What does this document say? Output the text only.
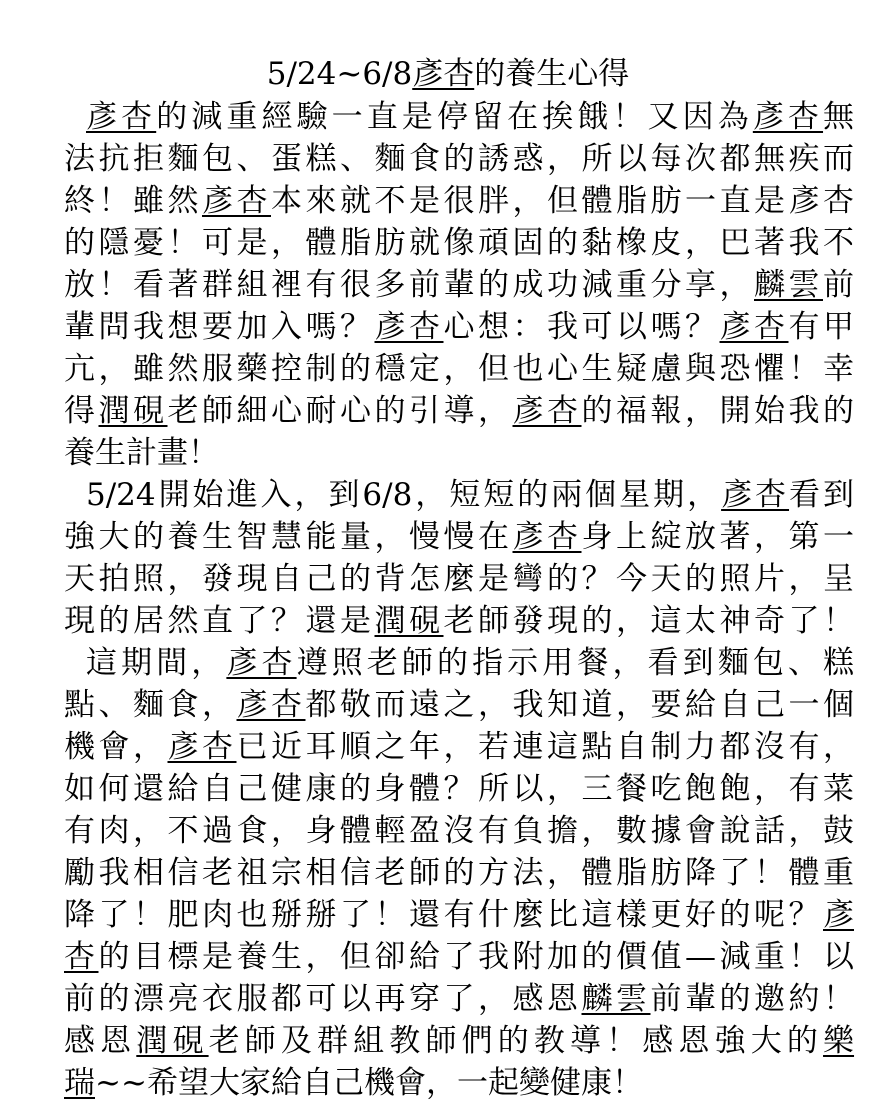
5/24~6/8彥杏的養生心得
彥杏的減重經驗一直是停留在挨餓！又因為彥杏無
法抗拒麵包、蛋糕、麵食的誘惑，所以每次都無疾而
終！雖然彥杏本來就不是很胖，但體脂肪一直是彥杏
的隱憂！可是，體脂肪就像頑固的黏橡皮，巴著我不
放！看著群組裡有很多前輩的成功減重分享，麟雲前
輩問我想要加入嗎？彥杏心想：我可以嗎？彥杏有甲
亢，雖然服藥控制的穩定，但也心生疑慮與恐懼！幸
得潤硯老師細心耐心的引導，彥杏的福報，開始我的
養生計畫！
5/24開始進入，到6/8，短短的兩個星期，彥杏看到
強大的養生智慧能量，慢慢在彥杏身上綻放著，第一
天拍照，發現自己的背怎麼是彎的？今天的照片，呈
現的居然直了？還是潤硯老師發現的，這太神奇了！
這期間，彥杏遵照老師的指示用餐，看到麵包、糕
點、麵食，彥杏都敬而遠之，我知道，要給自己一個
機會，彥杏已近耳順之年，若連這點自制力都沒有，
如何還給自己健康的身體？所以，三餐吃飽飽，有菜
有肉，不過食，身體輕盈沒有負擔，數據會說話，鼓
勵我相信老祖宗相信老師的方法，體脂肪降了！體重
降了！肥肉也掰掰了！還有什麼比這樣更好的呢？彥
杏的目標是養生，但卻給了我附加的價值—減重！以
前的漂亮衣服都可以再穿了，感恩麟雲前輩的邀約！
感恩潤硯老師及群組教師們的教導！感恩強大的樂
瑞~~希望大家給自己機會，一起變健康！
